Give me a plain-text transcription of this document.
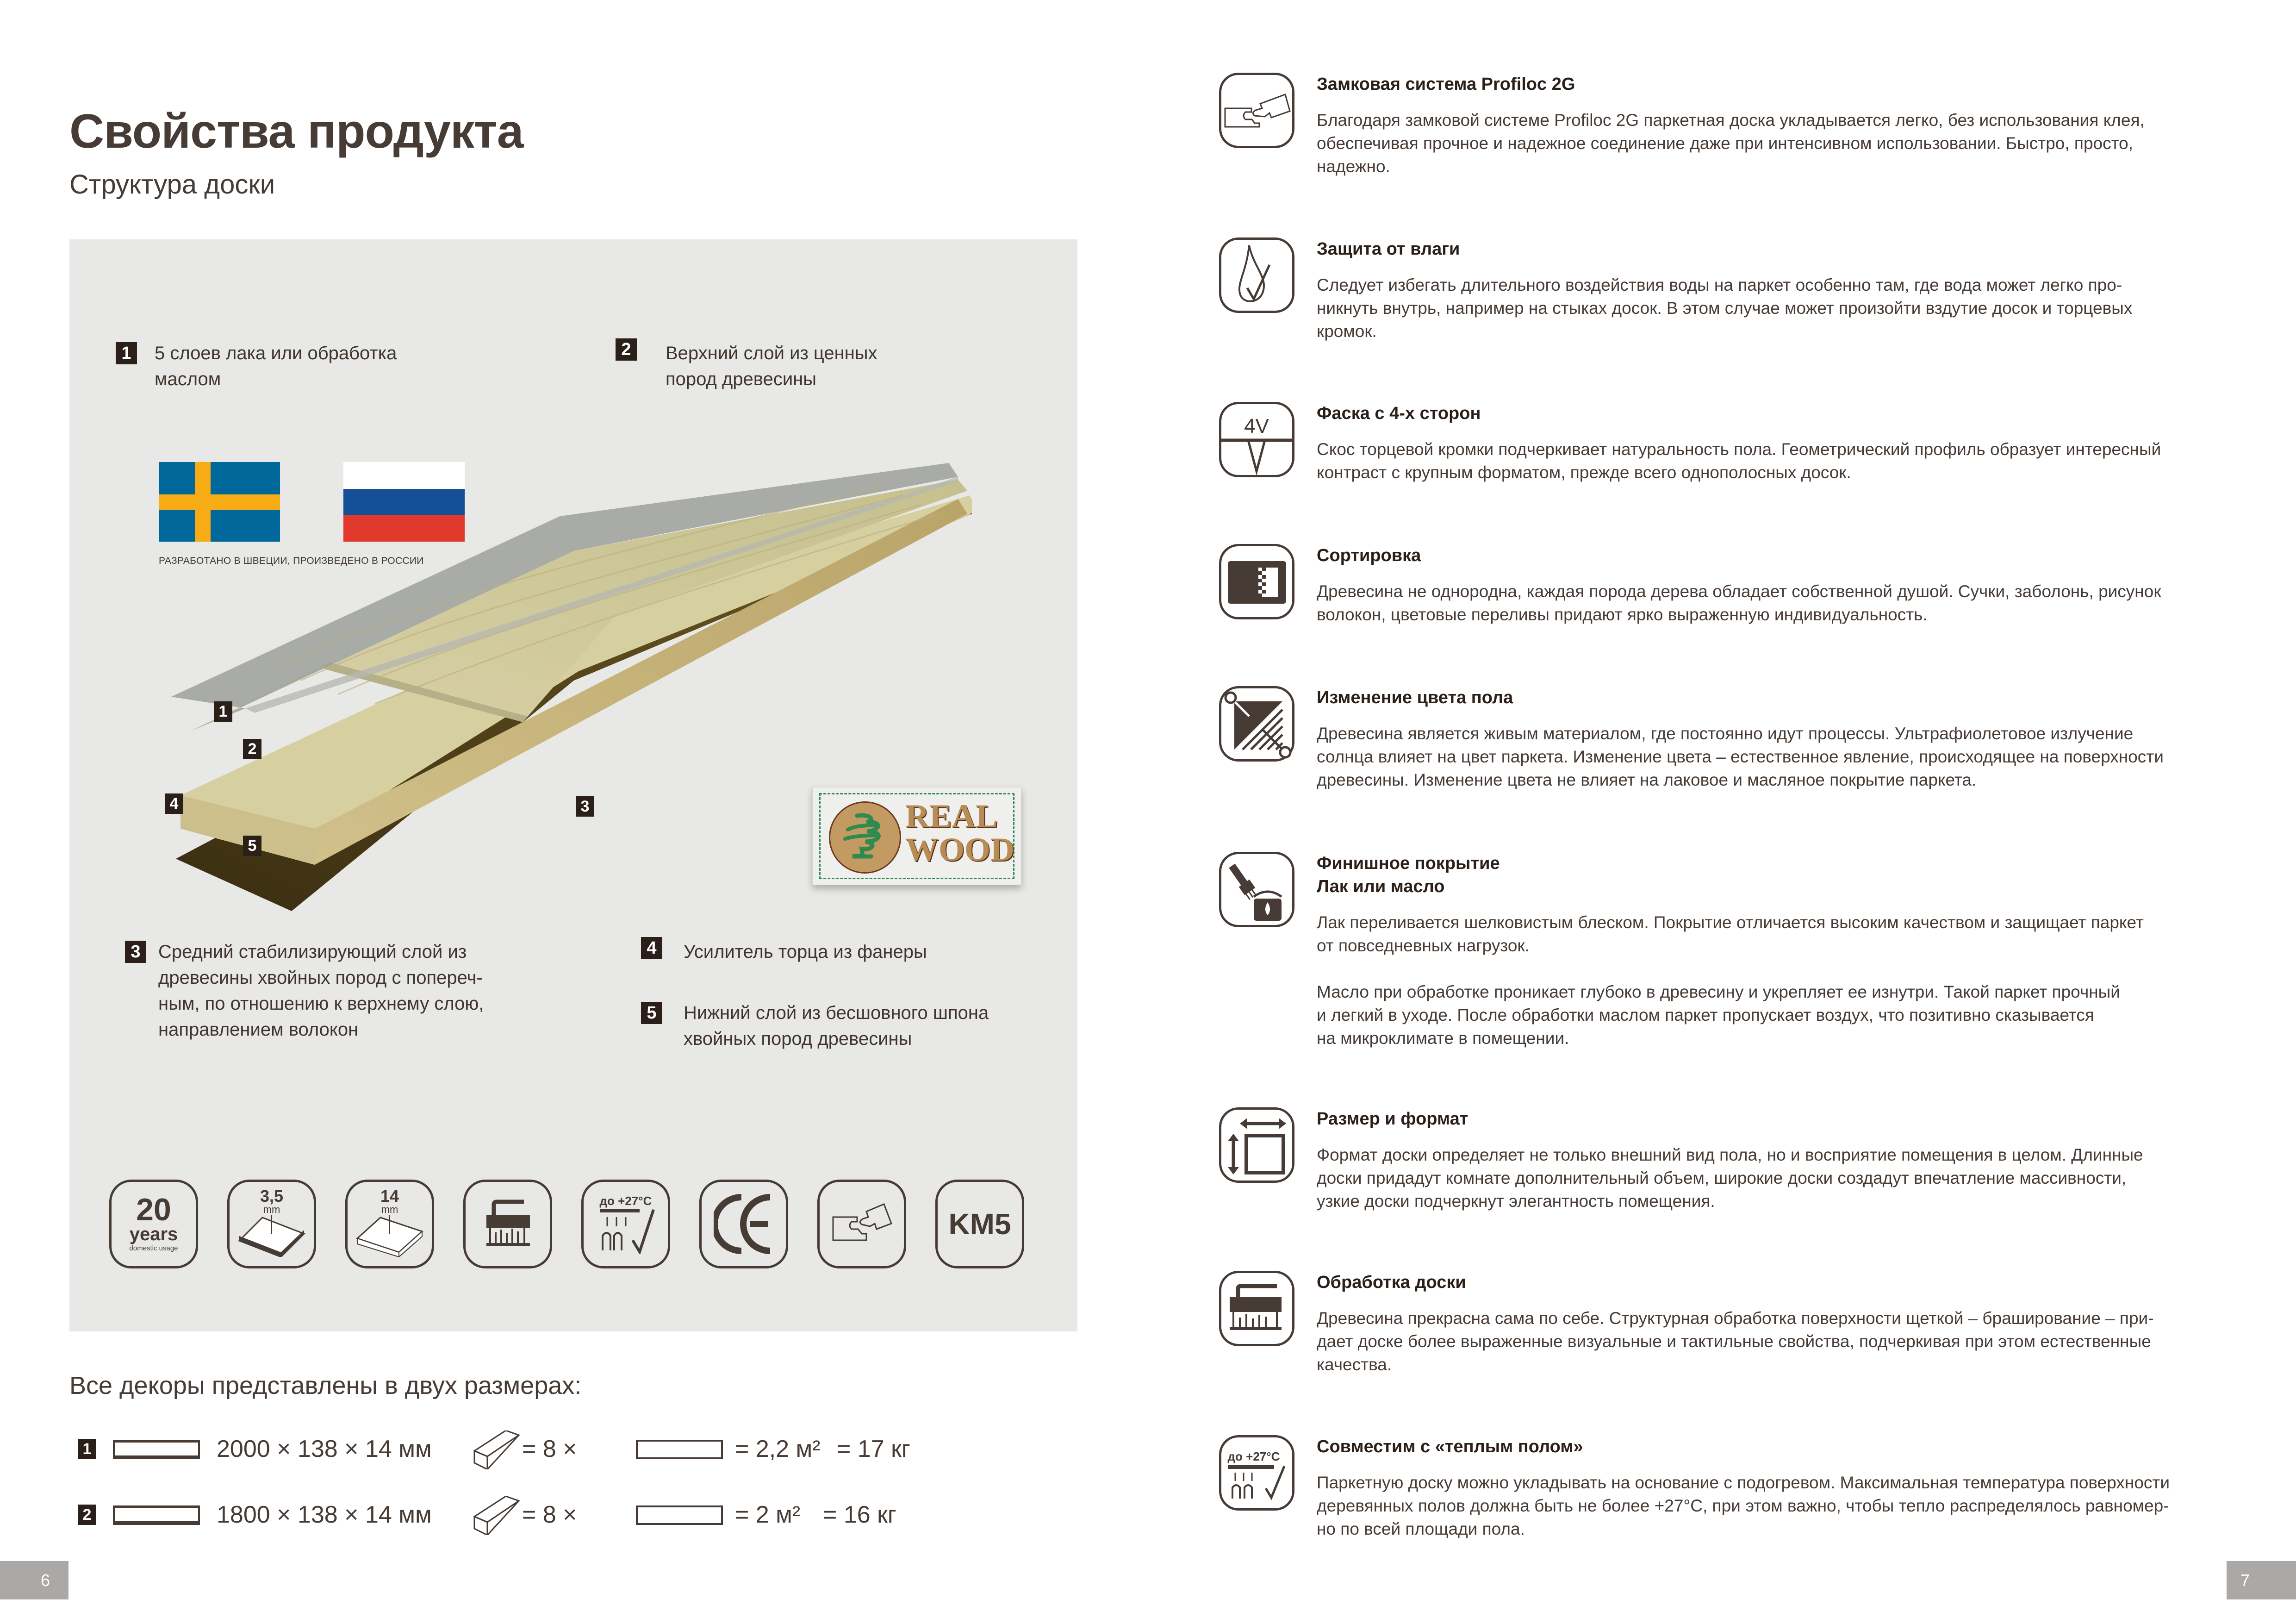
Свойства продукта
Структура доски
1	5 слоев лака или обработка
маслом
2	Верхний слой из ценных
пород древесины
3 Средний стабилизирующий слой из
древесины хвойных пород с попереч-
ным, по отношению к верхнему слою,
направлением волокон
4	Усилитель торца из фанеры
5	Нижний слой из бесшовного шпона
хвойных пород древесины
РАЗРАБОТАНО В ШВЕЦИИ, ПРОИЗВЕДЕНО В РОССИИ
1
2
3
4
5
REAL
WOOD
20
years
domestic usage
3,5
mm
14
mm
до +27°C
KM5
Все декоры представлены в двух размерах:
1	2000 × 138 × 14 мм	= 8 ×	= 2,2 м² = 17 кг
2	1800 × 138 × 14 мм	= 8 ×	= 2 м² = 16 кг
6
Замковая система Profiloc 2G

Благодаря замковой системе Profiloc 2G паркетная доска укладывается легко, без использования клея,

обеспечивая прочное и надежное соединение даже при интенсивном использовании. Быстро, просто,

надежно.

Защита от влаги

Следует избегать длительного воздействия воды на паркет особенно там, где вода может легко про-

никнуть внутрь, например на стыках досок. В этом случае может произойти вздутие досок и торцевых

кромок.

4V
Фаска с 4-х сторон

Скос торцевой кромки подчеркивает натуральность пола. Геометрический профиль образует интересный

контраст с крупным форматом, прежде всего однополосных досок.

Сортировка

Древесина не однородна, каждая порода дерева обладает собственной душой. Сучки, заболонь, рисунок

волокон, цветовые переливы придают ярко выраженную индивидуальность.

Изменение цвета пола

Древесина является живым материалом, где постоянно идут процессы. Ультрафиолетовое излучение

солнца влияет на цвет паркета. Изменение цвета – естественное явление, происходящее на поверхности

древесины. Изменение цвета не влияет на лаковое и масляное покрытие паркета.

Финишное покрытие
Лак или масло

Лак переливается шелковистым блеском. Покрытие отличается высоким качеством и защищает паркет

от повседневных нагрузок.

Масло при обработке проникает глубоко в древесину и укрепляет ее изнутри. Такой паркет прочный

и легкий в уходе. После обработки маслом паркет пропускает воздух, что позитивно сказывается

на микроклимате в помещении.

Размер и формат

Формат доски определяет не только внешний вид пола, но и восприятие помещения в целом. Длинные

доски придадут комнате дополнительный объем, широкие доски создадут впечатление массивности,

узкие доски подчеркнут элегантность помещения.

Обработка доски

Древесина прекрасна сама по себе. Структурная обработка поверхности щеткой – браширование – при-

дает доске более выраженные визуальные и тактильные свойства, подчеркивая при этом естественные

качества.

до +27°C Совместим с «теплым полом»

Паркетную доску можно укладывать на основание с подогревом. Максимальная температура поверхности

деревянных полов должна быть не более +27°C, при этом важно, чтобы тепло распределялось равномер-

но по всей площади пола.

7
